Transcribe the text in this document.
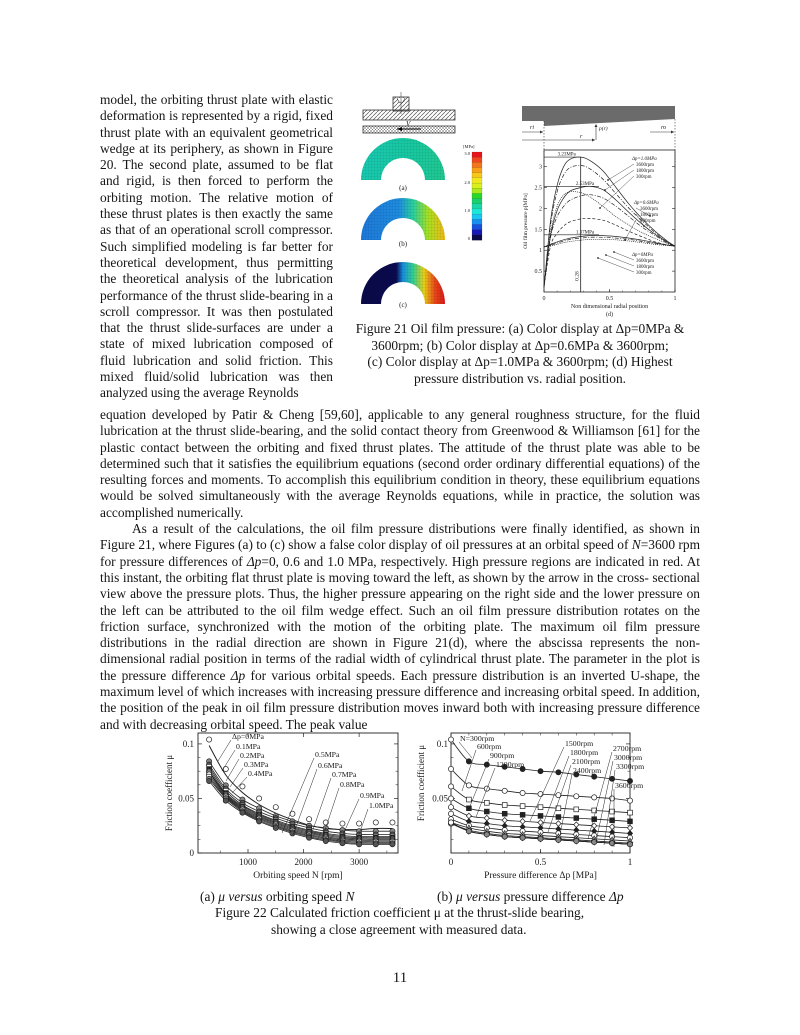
model, the orbiting thrust plate with elastic deformation is represented by a rigid, fixed thrust plate with an equivalent geometrical wedge at its periphery, as shown in Figure 20. The second plate, assumed to be flat and rigid, is then forced to perform the orbiting motion. The relative motion of these thrust plates is then exactly the same as that of an operational scroll compressor. Such simplified modeling is far better for theoretical development, thus permitting the theoretical analysis of the lubrication performance of the thrust slide-bearing in a scroll compressor. It was then postulated that the thrust slide-surfaces are under a state of mixed lubrication composed of fluid lubrication and solid friction. This mixed fluid/solid lubrication was then analyzed using the average Reynolds

V
(a)
(b)
(c)
[MPa]
3.0
2.0
1.0
0
ri
r
p(r)	ro
0	0.5	1
0.5
1
1.5
2
2.5
3
Non dimensional radial position
(d)
Oil film pressure p[MPa]
0.28
3.23MPa
2.53MPa
1.37MPa
Δp=1.0MPa
3600rpm
1800rpm
300rpm
Δp=0.6MPa
3600rpm
1800rpm
300rpm
Δp=0MPa
3600rpm
1800rpm
300rpm
Figure 21 Oil film pressure: (a) Color display at Δp=0MPa &
3600rpm; (b) Color display at Δp=0.6MPa & 3600rpm;
(c) Color display at Δp=1.0MPa & 3600rpm; (d) Highest
pressure distribution vs. radial position.

equation developed by Patir & Cheng [59,60], applicable to any general roughness structure, for the fluid lubrication at the thrust slide-bearing, and the solid contact theory from Greenwood & Williamson [61] for the plastic contact between the orbiting and fixed thrust plates. The attitude of the thrust plate was able to be determined such that it satisfies the equilibrium equations (second order ordinary differential equations) of the resulting forces and moments. To accomplish this equilibrium condition in theory, these equilibrium equations would be solved simultaneously with the average Reynolds equations, while in practice, the solution was accomplished numerically.

As a result of the calculations, the oil film pressure distributions were finally identified, as shown in Figure 21, where Figures (a) to (c) show a false color display of oil pressures at an orbital speed of N=3600 rpm for pressure differences of Δp=0, 0.6 and 1.0 MPa, respectively. High pressure regions are indicated in red. At this instant, the orbiting flat thrust plate is moving toward the left, as shown by the arrow in the cross- sectional view above the pressure plots. Thus, the higher pressure appearing on the right side and the lower pressure on the left can be attributed to the oil film wedge effect. Such an oil film pressure distribution rotates on the friction surface, synchronized with the motion of the orbiting plate. The maximum oil film pressure distributions in the radial direction are shown in Figure 21(d), where the abscissa represents the non-dimensional radial position in terms of the radial width of cylindrical thrust plate. The parameter in the plot is the pressure difference Δp for various orbital speeds. Each pressure distribution is an inverted U-shape, the maximum level of which increases with increasing pressure difference and increasing orbital speed. In addition, the position of the peak in oil film pressure distribution moves inward both with increasing pressure difference and with decreasing orbital speed. The peak value

1000	2000	3000
0
0.05
0.1
Orbiting speed N [rpm]
Friction coefficient μ
Δp=0MPa
0.1MPa
0.2MPa
0.3MPa
0.4MPa
0.5MPa
0.6MPa
0.7MPa
0.8MPa
0.9MPa
1.0MPa
0	0.5	1
0.05
0.1
Pressure difference Δp [MPa]
Friction coefficient μ
N=300rpm
600rpm
900rpm
1200rpm
1500rpm
1800rpm
2100rpm
2400rpm
2700rpm
3000rpm
3300rpm
3600rpm
(a) μ versus orbiting speed N	(b) μ versus pressure difference Δp
Figure 22 Calculated friction coefficient μ at the thrust-slide bearing,
showing a close agreement with measured data.
11
